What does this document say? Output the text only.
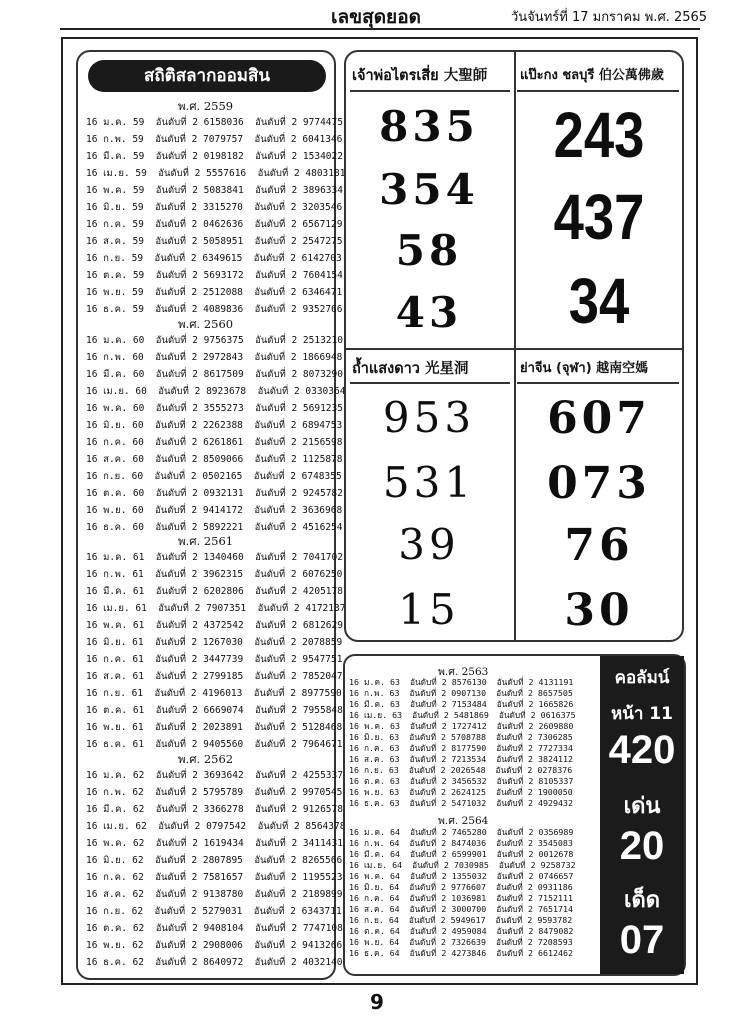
เลขสุดยอด	วันจันทร์ที่ 17 มกราคม พ.ศ. 2565
สถิติสลากออมสิน
พ.ศ. 2559
16 ม.ค. 59  อันดับที่ 2 6158036  อันดับที่ 2 9774475
16 ก.พ. 59  อันดับที่ 2 7079757  อันดับที่ 2 6041346
16 มี.ค. 59  อันดับที่ 2 0198182  อันดับที่ 2 1534022
16 เม.ย. 59  อันดับที่ 2 5557616  อันดับที่ 2 4803181
16 พ.ค. 59  อันดับที่ 2 5083841  อันดับที่ 2 3896334
16 มิ.ย. 59  อันดับที่ 2 3315270  อันดับที่ 2 3203546
16 ก.ค. 59  อันดับที่ 2 0462636  อันดับที่ 2 6567129
16 ส.ค. 59  อันดับที่ 2 5058951  อันดับที่ 2 2547275
16 ก.ย. 59  อันดับที่ 2 6349615  อันดับที่ 2 6142703
16 ต.ค. 59  อันดับที่ 2 5693172  อันดับที่ 2 7604154
16 พ.ย. 59  อันดับที่ 2 2512088  อันดับที่ 2 6346471
16 ธ.ค. 59  อันดับที่ 2 4089836  อันดับที่ 2 9352766
พ.ศ. 2560
16 ม.ค. 60  อันดับที่ 2 9756375  อันดับที่ 2 2513210
16 ก.พ. 60  อันดับที่ 2 2972843  อันดับที่ 2 1866948
16 มี.ค. 60  อันดับที่ 2 8617509  อันดับที่ 2 8073290
16 เม.ย. 60  อันดับที่ 2 8923678  อันดับที่ 2 0330364
16 พ.ค. 60  อันดับที่ 2 3555273  อันดับที่ 2 5691235
16 มิ.ย. 60  อันดับที่ 2 2262388  อันดับที่ 2 6894753
16 ก.ค. 60  อันดับที่ 2 6261861  อันดับที่ 2 2156598
16 ส.ค. 60  อันดับที่ 2 8509066  อันดับที่ 2 1125878
16 ก.ย. 60  อันดับที่ 2 0502165  อันดับที่ 2 6748355
16 ต.ค. 60  อันดับที่ 2 0932131  อันดับที่ 2 9245782
16 พ.ย. 60  อันดับที่ 2 9414172  อันดับที่ 2 3636968
16 ธ.ค. 60  อันดับที่ 2 5892221  อันดับที่ 2 4516254
พ.ศ. 2561
16 ม.ค. 61  อันดับที่ 2 1340460  อันดับที่ 2 7041702
16 ก.พ. 61  อันดับที่ 2 3962315  อันดับที่ 2 6076250
16 มี.ค. 61  อันดับที่ 2 6202806  อันดับที่ 2 4205178
16 เม.ย. 61  อันดับที่ 2 7907351  อันดับที่ 2 4172137
16 พ.ค. 61  อันดับที่ 2 4372542  อันดับที่ 2 6812629
16 มิ.ย. 61  อันดับที่ 2 1267030  อันดับที่ 2 2078859
16 ก.ค. 61  อันดับที่ 2 3447739  อันดับที่ 2 9547751
16 ส.ค. 61  อันดับที่ 2 2799185  อันดับที่ 2 7852047
16 ก.ย. 61  อันดับที่ 2 4196013  อันดับที่ 2 8977590
16 ต.ค. 61  อันดับที่ 2 6669074  อันดับที่ 2 7955848
16 พ.ย. 61  อันดับที่ 2 2023891  อันดับที่ 2 5128468
16 ธ.ค. 61  อันดับที่ 2 9405560  อันดับที่ 2 7964671
พ.ศ. 2562
16 ม.ค. 62  อันดับที่ 2 3693642  อันดับที่ 2 4255337
16 ก.พ. 62  อันดับที่ 2 5795789  อันดับที่ 2 9970545
16 มี.ค. 62  อันดับที่ 2 3366278  อันดับที่ 2 9126578
16 เม.ย. 62  อันดับที่ 2 0797542  อันดับที่ 2 8564378
16 พ.ค. 62  อันดับที่ 2 1619434  อันดับที่ 2 3411431
16 มิ.ย. 62  อันดับที่ 2 2807895  อันดับที่ 2 8265566
16 ก.ค. 62  อันดับที่ 2 7581657  อันดับที่ 2 1195523
16 ส.ค. 62  อันดับที่ 2 9138780  อันดับที่ 2 2189899
16 ก.ย. 62  อันดับที่ 2 5279031  อันดับที่ 2 6343711
16 ต.ค. 62  อันดับที่ 2 9408104  อันดับที่ 2 7747108
16 พ.ย. 62  อันดับที่ 2 2908006  อันดับที่ 2 9413266
16 ธ.ค. 62  อันดับที่ 2 8640972  อันดับที่ 2 4032140
เจ้าพ่อไตรเสี่ย 大聖師
835
354
58
43
แป๊ะกง ชลบุรี 伯公萬佛歲
243
437
34
ถ้ำแสงดาว 光星洞
953
531
39
15
ย่าจีน (จุฬา) 越南空媽
607
073
76
30
พ.ศ. 2563
16 ม.ค. 63  อันดับที่ 2 8576130  อันดับที่ 2 4131191
16 ก.พ. 63  อันดับที่ 2 0907130  อันดับที่ 2 8657505
16 มี.ค. 63  อันดับที่ 2 7153484  อันดับที่ 2 1665826
16 เม.ย. 63  อันดับที่ 2 5481869  อันดับที่ 2 0616375
16 พ.ค. 63  อันดับที่ 2 1727412  อันดับที่ 2 2609880
16 มิ.ย. 63  อันดับที่ 2 5708788  อันดับที่ 2 7306285
16 ก.ค. 63  อันดับที่ 2 8177590  อันดับที่ 2 7727334
16 ส.ค. 63  อันดับที่ 2 7213534  อันดับที่ 2 3824112
16 ก.ย. 63  อันดับที่ 2 2026548  อันดับที่ 2 0278376
16 ต.ค. 63  อันดับที่ 2 3456532  อันดับที่ 2 8105337
16 พ.ย. 63  อันดับที่ 2 2624125  อันดับที่ 2 1900050
16 ธ.ค. 63  อันดับที่ 2 5471032  อันดับที่ 2 4929432
พ.ศ. 2564
16 ม.ค. 64  อันดับที่ 2 7465280  อันดับที่ 2 0356989
16 ก.พ. 64  อันดับที่ 2 8474036  อันดับที่ 2 3545083
16 มี.ค. 64  อันดับที่ 2 6599901  อันดับที่ 2 0012678
16 เม.ย. 64  อันดับที่ 2 7030985  อันดับที่ 2 9258732
16 พ.ค. 64  อันดับที่ 2 1355032  อันดับที่ 2 0746657
16 มิ.ย. 64  อันดับที่ 2 9776607  อันดับที่ 2 0931186
16 ก.ค. 64  อันดับที่ 2 1036981  อันดับที่ 2 7152111
16 ส.ค. 64  อันดับที่ 2 3000700  อันดับที่ 2 7651714
16 ก.ย. 64  อันดับที่ 2 5949617  อันดับที่ 2 9593782
16 ต.ค. 64  อันดับที่ 2 4959084  อันดับที่ 2 8479082
16 พ.ย. 64  อันดับที่ 2 7326639  อันดับที่ 2 7208593
16 ธ.ค. 64  อันดับที่ 2 4273846  อันดับที่ 2 6612462
คอลัมน์
หน้า 11
420
เด่น
20
เด็ด
07
9
